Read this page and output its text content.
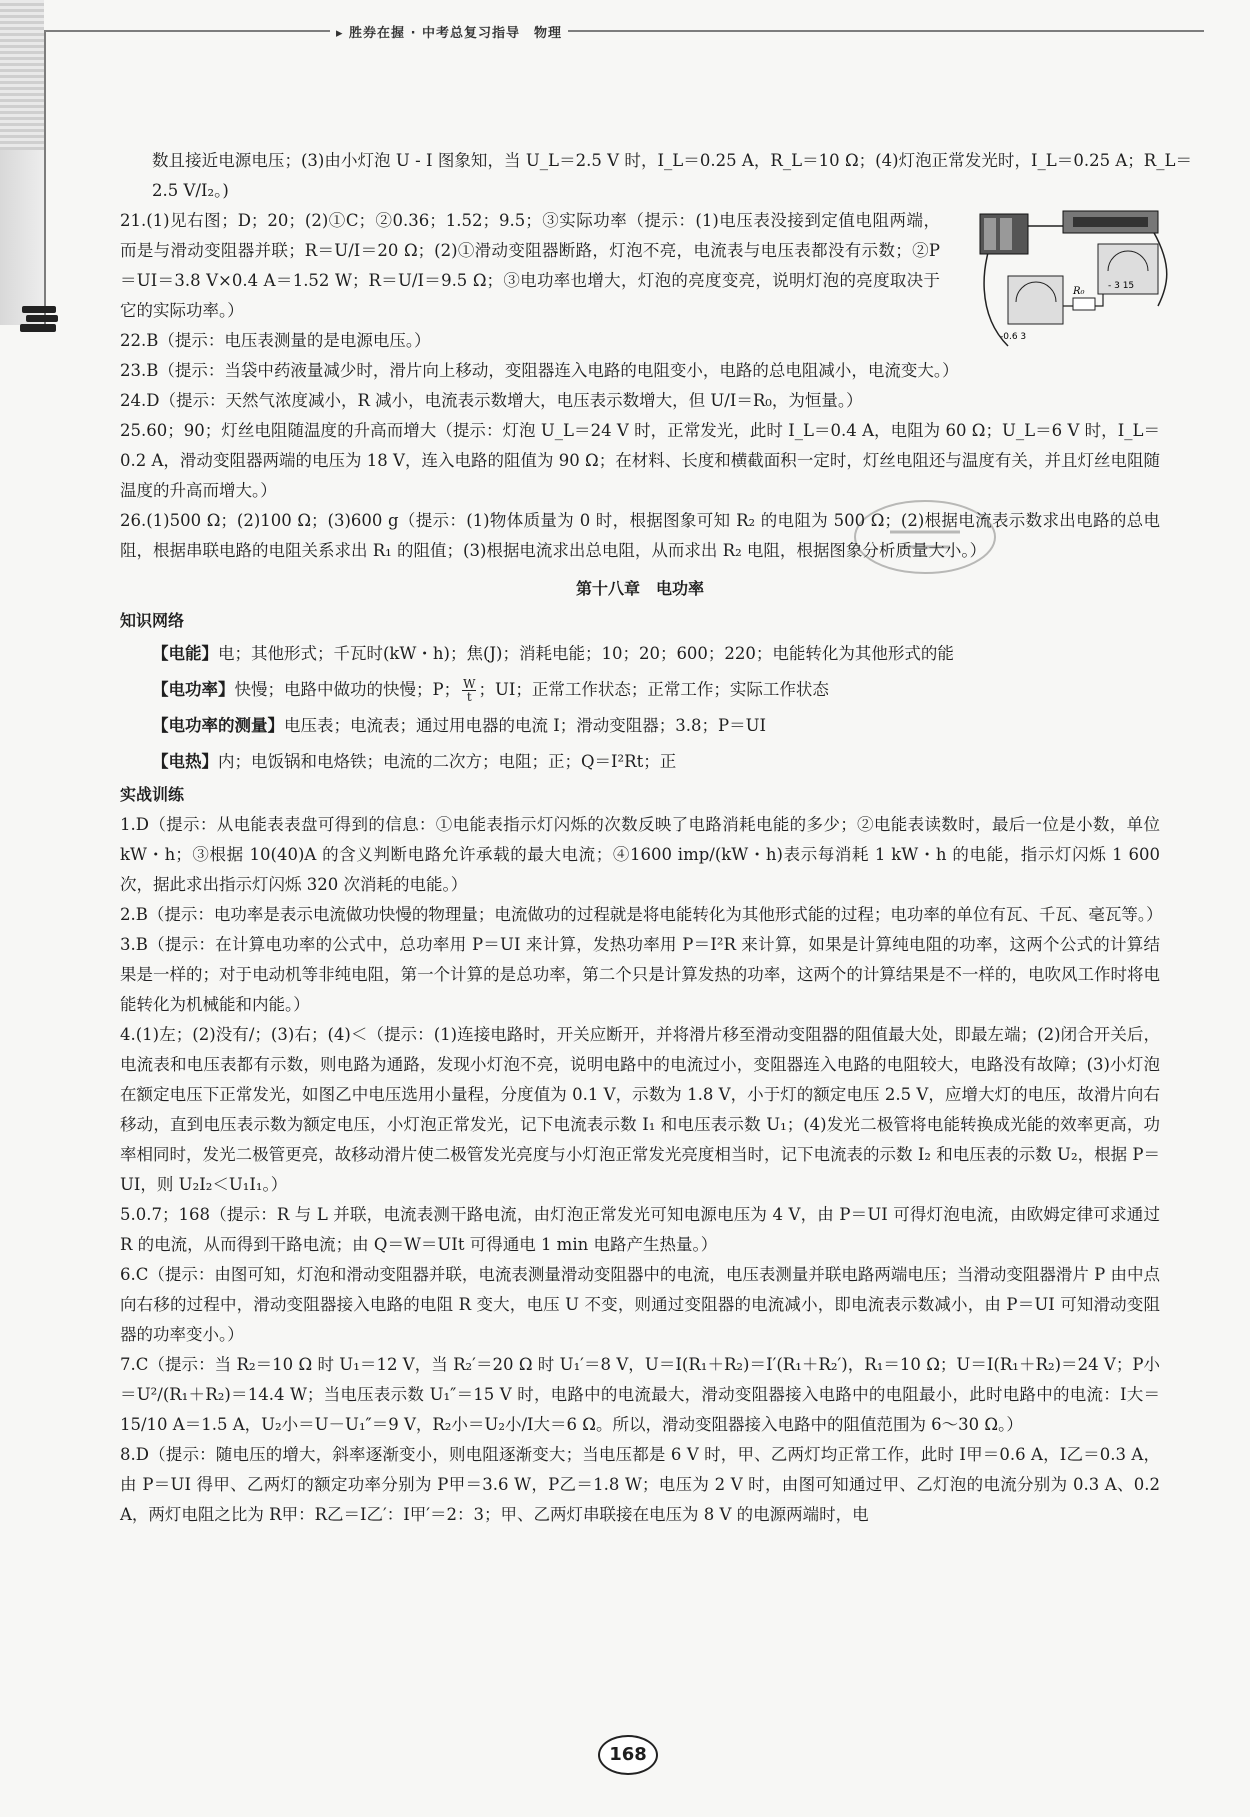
▸ 胜券在握 · 中考总复习指导　物理
- 3 15
-0.6 3
R₀

数且接近电源电压；(3)由小灯泡 U - I 图象知，当 U_L＝2.5 V 时，I_L＝0.25 A，R_L＝10 Ω；(4)灯泡正常发光时，I_L＝0.25 A；R_L＝2.5 V/I₂。)

21.(1)见右图；D；20；(2)①C；②0.36；1.52；9.5；③实际功率（提示：(1)电压表没接到定值电阻两端，而是与滑动变阻器并联；R＝U/I＝20 Ω；(2)①滑动变阻器断路，灯泡不亮，电流表与电压表都没有示数；②P＝UI＝3.8 V×0.4 A＝1.52 W；R＝U/I＝9.5 Ω；③电功率也增大，灯泡的亮度变亮，说明灯泡的亮度取决于它的实际功率。）

22.B（提示：电压表测量的是电源电压。）

23.B（提示：当袋中药液量减少时，滑片向上移动，变阻器连入电路的电阻变小，电路的总电阻减小，电流变大。）

24.D（提示：天然气浓度减小，R 减小，电流表示数增大，电压表示数增大，但 U/I＝R₀，为恒量。）

25.60；90；灯丝电阻随温度的升高而增大（提示：灯泡 U_L＝24 V 时，正常发光，此时 I_L＝0.4 A，电阻为 60 Ω；U_L＝6 V 时，I_L＝0.2 A，滑动变阻器两端的电压为 18 V，连入电路的阻值为 90 Ω；在材料、长度和横截面积一定时，灯丝电阻还与温度有关，并且灯丝电阻随温度的升高而增大。）

26.(1)500 Ω；(2)100 Ω；(3)600 g（提示：(1)物体质量为 0 时，根据图象可知 R₂ 的电阻为 500 Ω；(2)根据电流表示数求出电路的总电阻，根据串联电路的电阻关系求出 R₁ 的阻值；(3)根据电流求出总电阻，从而求出 R₂ 电阻，根据图象分析质量大小。）

第十八章　电功率
知识网络

【电能】电；其他形式；千瓦时(kW・h)；焦(J)；消耗电能；10；20；600；220；电能转化为其他形式的能

【电功率】快慢；电路中做功的快慢；P； $\frac{W}{t}$ ；UI；正常工作状态；正常工作；实际工作状态

【电功率的测量】电压表；电流表；通过用电器的电流 I；滑动变阻器；3.8；P＝UI

【电热】内；电饭锅和电烙铁；电流的二次方；电阻；正；Q＝I²Rt；正

实战训练

1.D（提示：从电能表表盘可得到的信息：①电能表指示灯闪烁的次数反映了电路消耗电能的多少；②电能表读数时，最后一位是小数，单位 kW・h；③根据 10(40)A 的含义判断电路允许承载的最大电流；④1600 imp/(kW・h)表示每消耗 1 kW・h 的电能，指示灯闪烁 1 600 次，据此求出指示灯闪烁 320 次消耗的电能。）

2.B（提示：电功率是表示电流做功快慢的物理量；电流做功的过程就是将电能转化为其他形式能的过程；电功率的单位有瓦、千瓦、毫瓦等。）

3.B（提示：在计算电功率的公式中，总功率用 P＝UI 来计算，发热功率用 P＝I²R 来计算，如果是计算纯电阻的功率，这两个公式的计算结果是一样的；对于电动机等非纯电阻，第一个计算的是总功率，第二个只是计算发热的功率，这两个的计算结果是不一样的，电吹风工作时将电能转化为机械能和内能。）

4.(1)左；(2)没有/；(3)右；(4)＜（提示：(1)连接电路时，开关应断开，并将滑片移至滑动变阻器的阻值最大处，即最左端；(2)闭合开关后，电流表和电压表都有示数，则电路为通路，发现小灯泡不亮，说明电路中的电流过小，变阻器连入电路的电阻较大，电路没有故障；(3)小灯泡在额定电压下正常发光，如图乙中电压选用小量程，分度值为 0.1 V，示数为 1.8 V，小于灯的额定电压 2.5 V，应增大灯的电压，故滑片向右移动，直到电压表示数为额定电压，小灯泡正常发光，记下电流表示数 I₁ 和电压表示数 U₁；(4)发光二极管将电能转换成光能的效率更高，功率相同时，发光二极管更亮，故移动滑片使二极管发光亮度与小灯泡正常发光亮度相当时，记下电流表的示数 I₂ 和电压表的示数 U₂，根据 P＝UI，则 U₂I₂＜U₁I₁。）

5.0.7；168（提示：R 与 L 并联，电流表测干路电流，由灯泡正常发光可知电源电压为 4 V，由 P＝UI 可得灯泡电流，由欧姆定律可求通过 R 的电流，从而得到干路电流；由 Q＝W＝UIt 可得通电 1 min 电路产生热量。）

6.C（提示：由图可知，灯泡和滑动变阻器并联，电流表测量滑动变阻器中的电流，电压表测量并联电路两端电压；当滑动变阻器滑片 P 由中点向右移的过程中，滑动变阻器接入电路的电阻 R 变大，电压 U 不变，则通过变阻器的电流减小，即电流表示数减小，由 P＝UI 可知滑动变阻器的功率变小。）

7.C（提示：当 R₂＝10 Ω 时 U₁＝12 V，当 R₂′＝20 Ω 时 U₁′＝8 V，U＝I(R₁＋R₂)＝I′(R₁＋R₂′)，R₁＝10 Ω；U＝I(R₁＋R₂)＝24 V；P小＝U²/(R₁＋R₂)＝14.4 W；当电压表示数 U₁″＝15 V 时，电路中的电流最大，滑动变阻器接入电路中的电阻最小，此时电路中的电流：I大＝15/10 A＝1.5 A，U₂小＝U－U₁″＝9 V，R₂小＝U₂小/I大＝6 Ω。所以，滑动变阻器接入电路中的阻值范围为 6～30 Ω。）

8.D（提示：随电压的增大，斜率逐渐变小，则电阻逐渐变大；当电压都是 6 V 时，甲、乙两灯均正常工作，此时 I甲＝0.6 A，I乙＝0.3 A，由 P＝UI 得甲、乙两灯的额定功率分别为 P甲＝3.6 W，P乙＝1.8 W；电压为 2 V 时，由图可知通过甲、乙灯泡的电流分别为 0.3 A、0.2 A，两灯电阻之比为 R甲：R乙＝I乙′：I甲′＝2：3；甲、乙两灯串联接在电压为 8 V 的电源两端时，电

168
